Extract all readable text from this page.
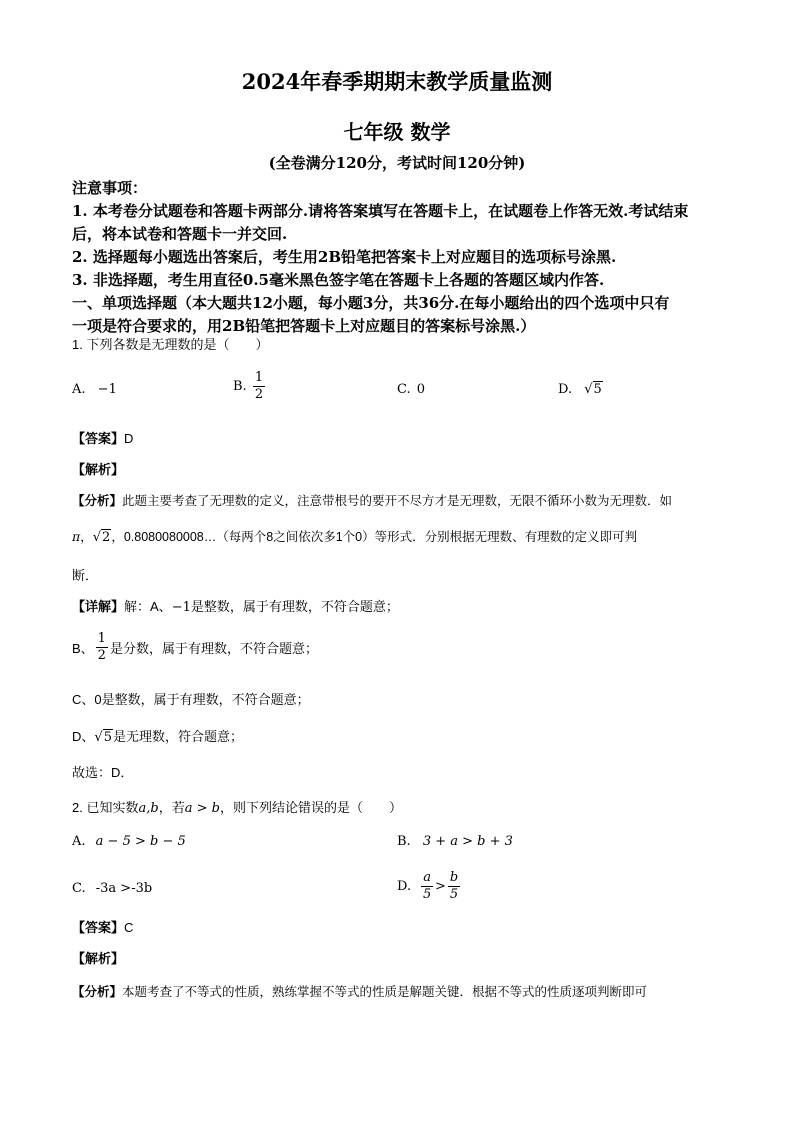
2024年春季期期末教学质量监测
七年级 数学
(全卷满分120分，考试时间120分钟)
注意事项：
1. 本考卷分试题卷和答题卡两部分.请将答案填写在答题卡上，在试题卷上作答无效.考试结束
后，将本试卷和答题卡一并交回.
2. 选择题每小题选出答案后，考生用2B铅笔把答案卡上对应题目的选项标号涂黑.
3. 非选择题，考生用直径0.5毫米黑色签字笔在答题卡上各题的答题区域内作答.
一、单项选择题（本大题共12小题，每小题3分，共36分.在每小题给出的四个选项中只有
一项是符合要求的，用2B铅笔把答题卡上对应题目的答案标号涂黑.）
1. 下列各数是无理数的是（　　）
A. −1	B. $\frac{1}{2}$	C. 0	D. √5
【答案】D
【解析】
【分析】此题主要考查了无理数的定义，注意带根号的要开不尽方才是无理数，无限不循环小数为无理数．如
π，√2，0.8080080008…（每两个8之间依次多1个0）等形式．分别根据无理数、有理数的定义即可判
断．
【详解】解：A、−1是整数，属于有理数，不符合题意；
B、 $\frac{1}{2}$ 是分数，属于有理数，不符合题意；
C、0是整数，属于有理数，不符合题意；
D、√5是无理数，符合题意；
故选：D．
2. 已知实数a,b，若a > b，则下列结论错误的是（　　）
A. a − 5 > b − 5	B. 3 + a > b + 3
C. -3a >-3b	D. $\frac{a}{5} > \frac{b}{5}$
【答案】C
【解析】
【分析】本题考查了不等式的性质，熟练掌握不等式的性质是解题关键．根据不等式的性质逐项判断即可
